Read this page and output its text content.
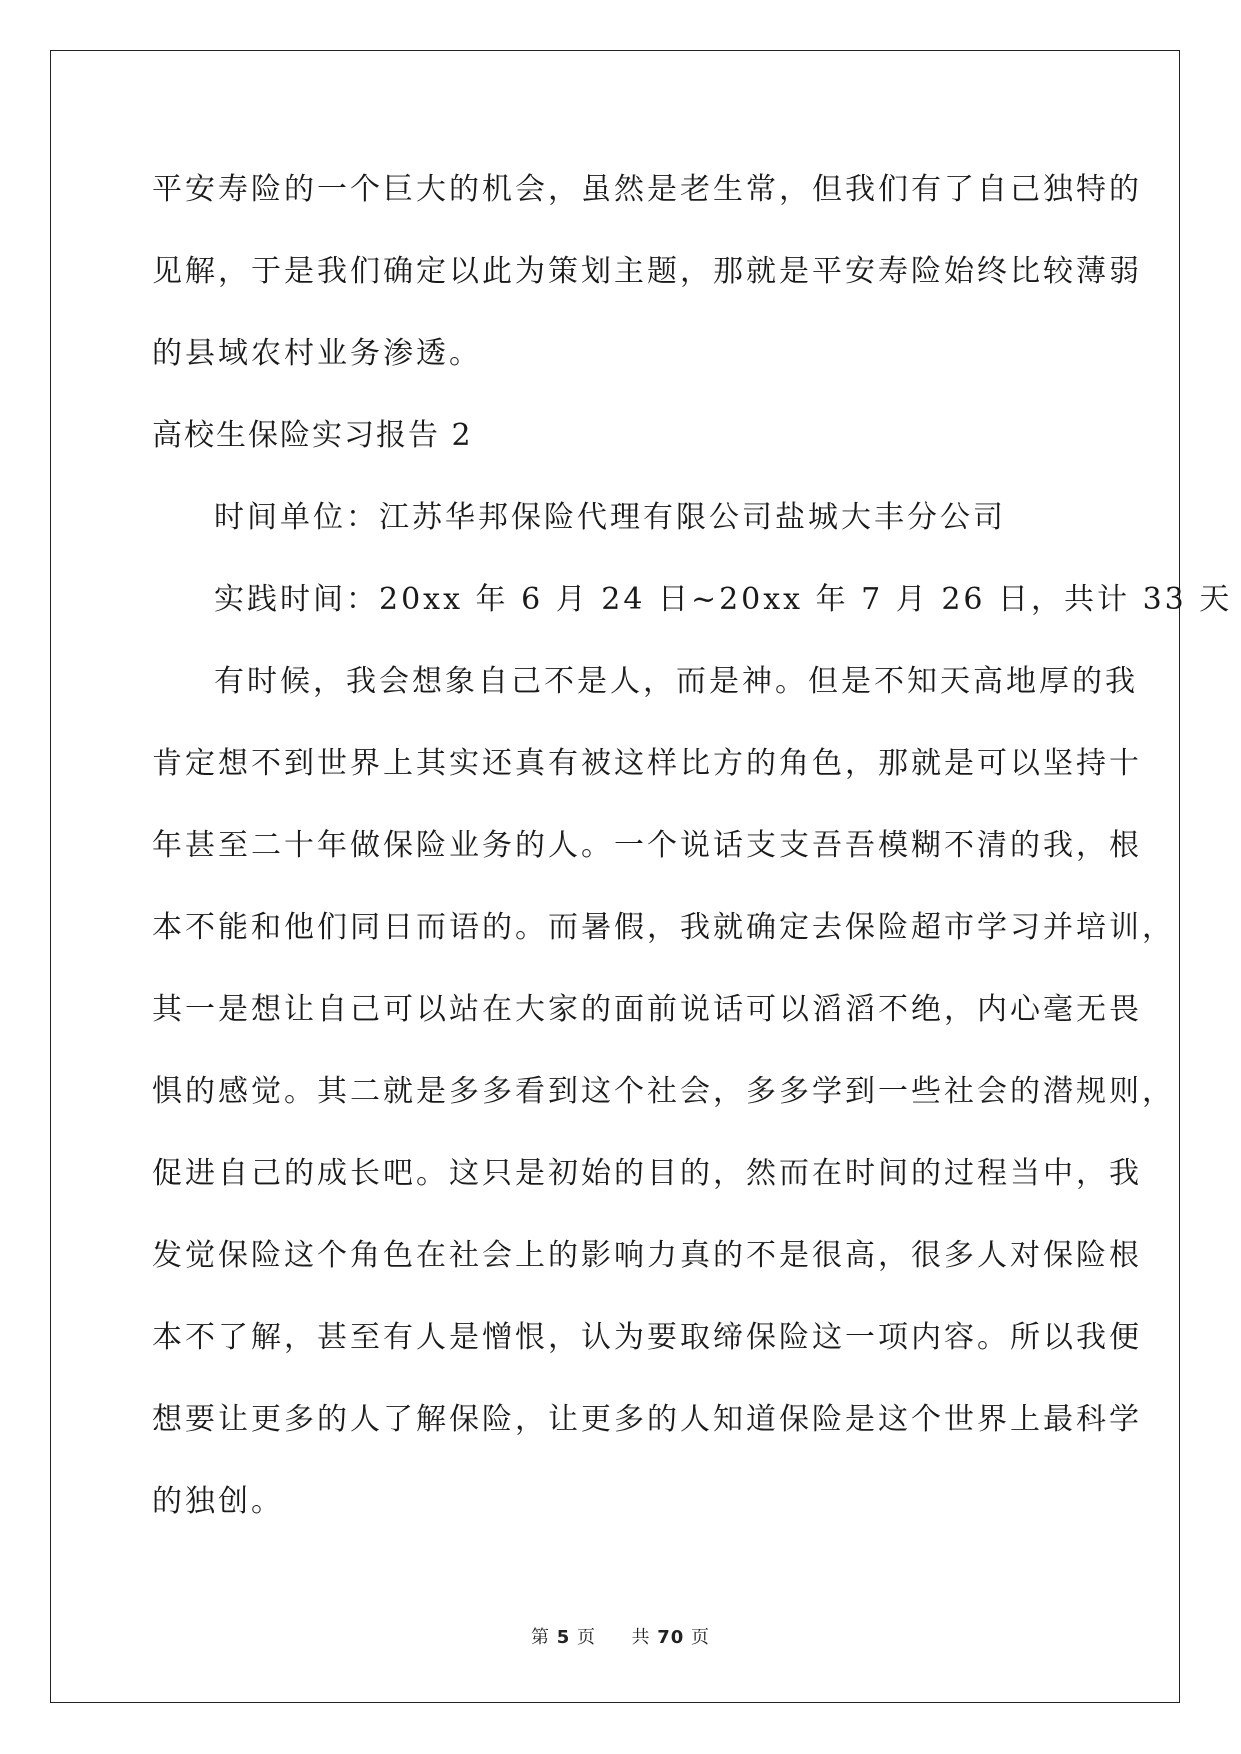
平安寿险的一个巨大的机会，虽然是老生常，但我们有了自己独特的
见解，于是我们确定以此为策划主题，那就是平安寿险始终比较薄弱
的县域农村业务渗透。
高校生保险实习报告 2
时间单位：江苏华邦保险代理有限公司盐城大丰分公司
实践时间：20xx 年 6 月 24 日~20xx 年 7 月 26 日，共计 33 天
有时候，我会想象自己不是人，而是神。但是不知天高地厚的我
肯定想不到世界上其实还真有被这样比方的角色，那就是可以坚持十
年甚至二十年做保险业务的人。一个说话支支吾吾模糊不清的我，根
本不能和他们同日而语的。而暑假，我就确定去保险超市学习并培训，
其一是想让自己可以站在大家的面前说话可以滔滔不绝，内心毫无畏
惧的感觉。其二就是多多看到这个社会，多多学到一些社会的潜规则，
促进自己的成长吧。这只是初始的目的，然而在时间的过程当中，我
发觉保险这个角色在社会上的影响力真的不是很高，很多人对保险根
本不了解，甚至有人是憎恨，认为要取缔保险这一项内容。所以我便
想要让更多的人了解保险，让更多的人知道保险是这个世界上最科学
的独创。
第 5 页 共 70 页
